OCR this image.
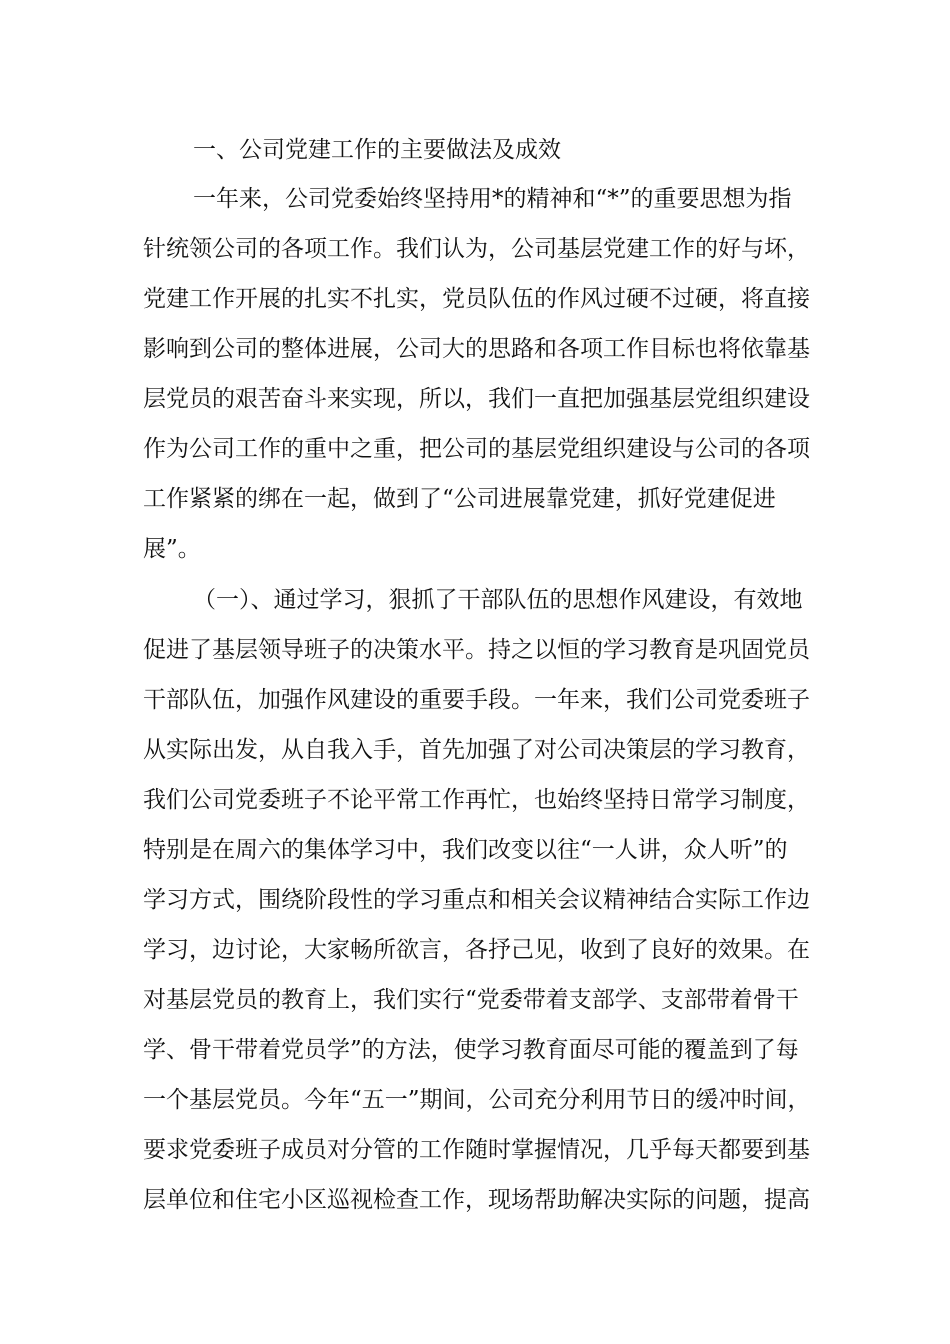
一、公司党建工作的主要做法及成效
一年来，公司党委始终坚持用*的精神和“*”的重要思想为指
针统领公司的各项工作。我们认为，公司基层党建工作的好与坏，
党建工作开展的扎实不扎实，党员队伍的作风过硬不过硬，将直接
影响到公司的整体进展，公司大的思路和各项工作目标也将依靠基
层党员的艰苦奋斗来实现，所以，我们一直把加强基层党组织建设
作为公司工作的重中之重，把公司的基层党组织建设与公司的各项
工作紧紧的绑在一起，做到了“公司进展靠党建，抓好党建促进
展”。
（一）、通过学习，狠抓了干部队伍的思想作风建设，有效地
促进了基层领导班子的决策水平。持之以恒的学习教育是巩固党员
干部队伍，加强作风建设的重要手段。一年来，我们公司党委班子
从实际出发，从自我入手，首先加强了对公司决策层的学习教育，
我们公司党委班子不论平常工作再忙，也始终坚持日常学习制度，
特别是在周六的集体学习中，我们改变以往“一人讲，众人听”的
学习方式，围绕阶段性的学习重点和相关会议精神结合实际工作边
学习，边讨论，大家畅所欲言，各抒己见，收到了良好的效果。在
对基层党员的教育上，我们实行“党委带着支部学、支部带着骨干
学、骨干带着党员学”的方法，使学习教育面尽可能的覆盖到了每
一个基层党员。今年“五一”期间，公司充分利用节日的缓冲时间，
要求党委班子成员对分管的工作随时掌握情况，几乎每天都要到基
层单位和住宅小区巡视检查工作，现场帮助解决实际的问题，提高
